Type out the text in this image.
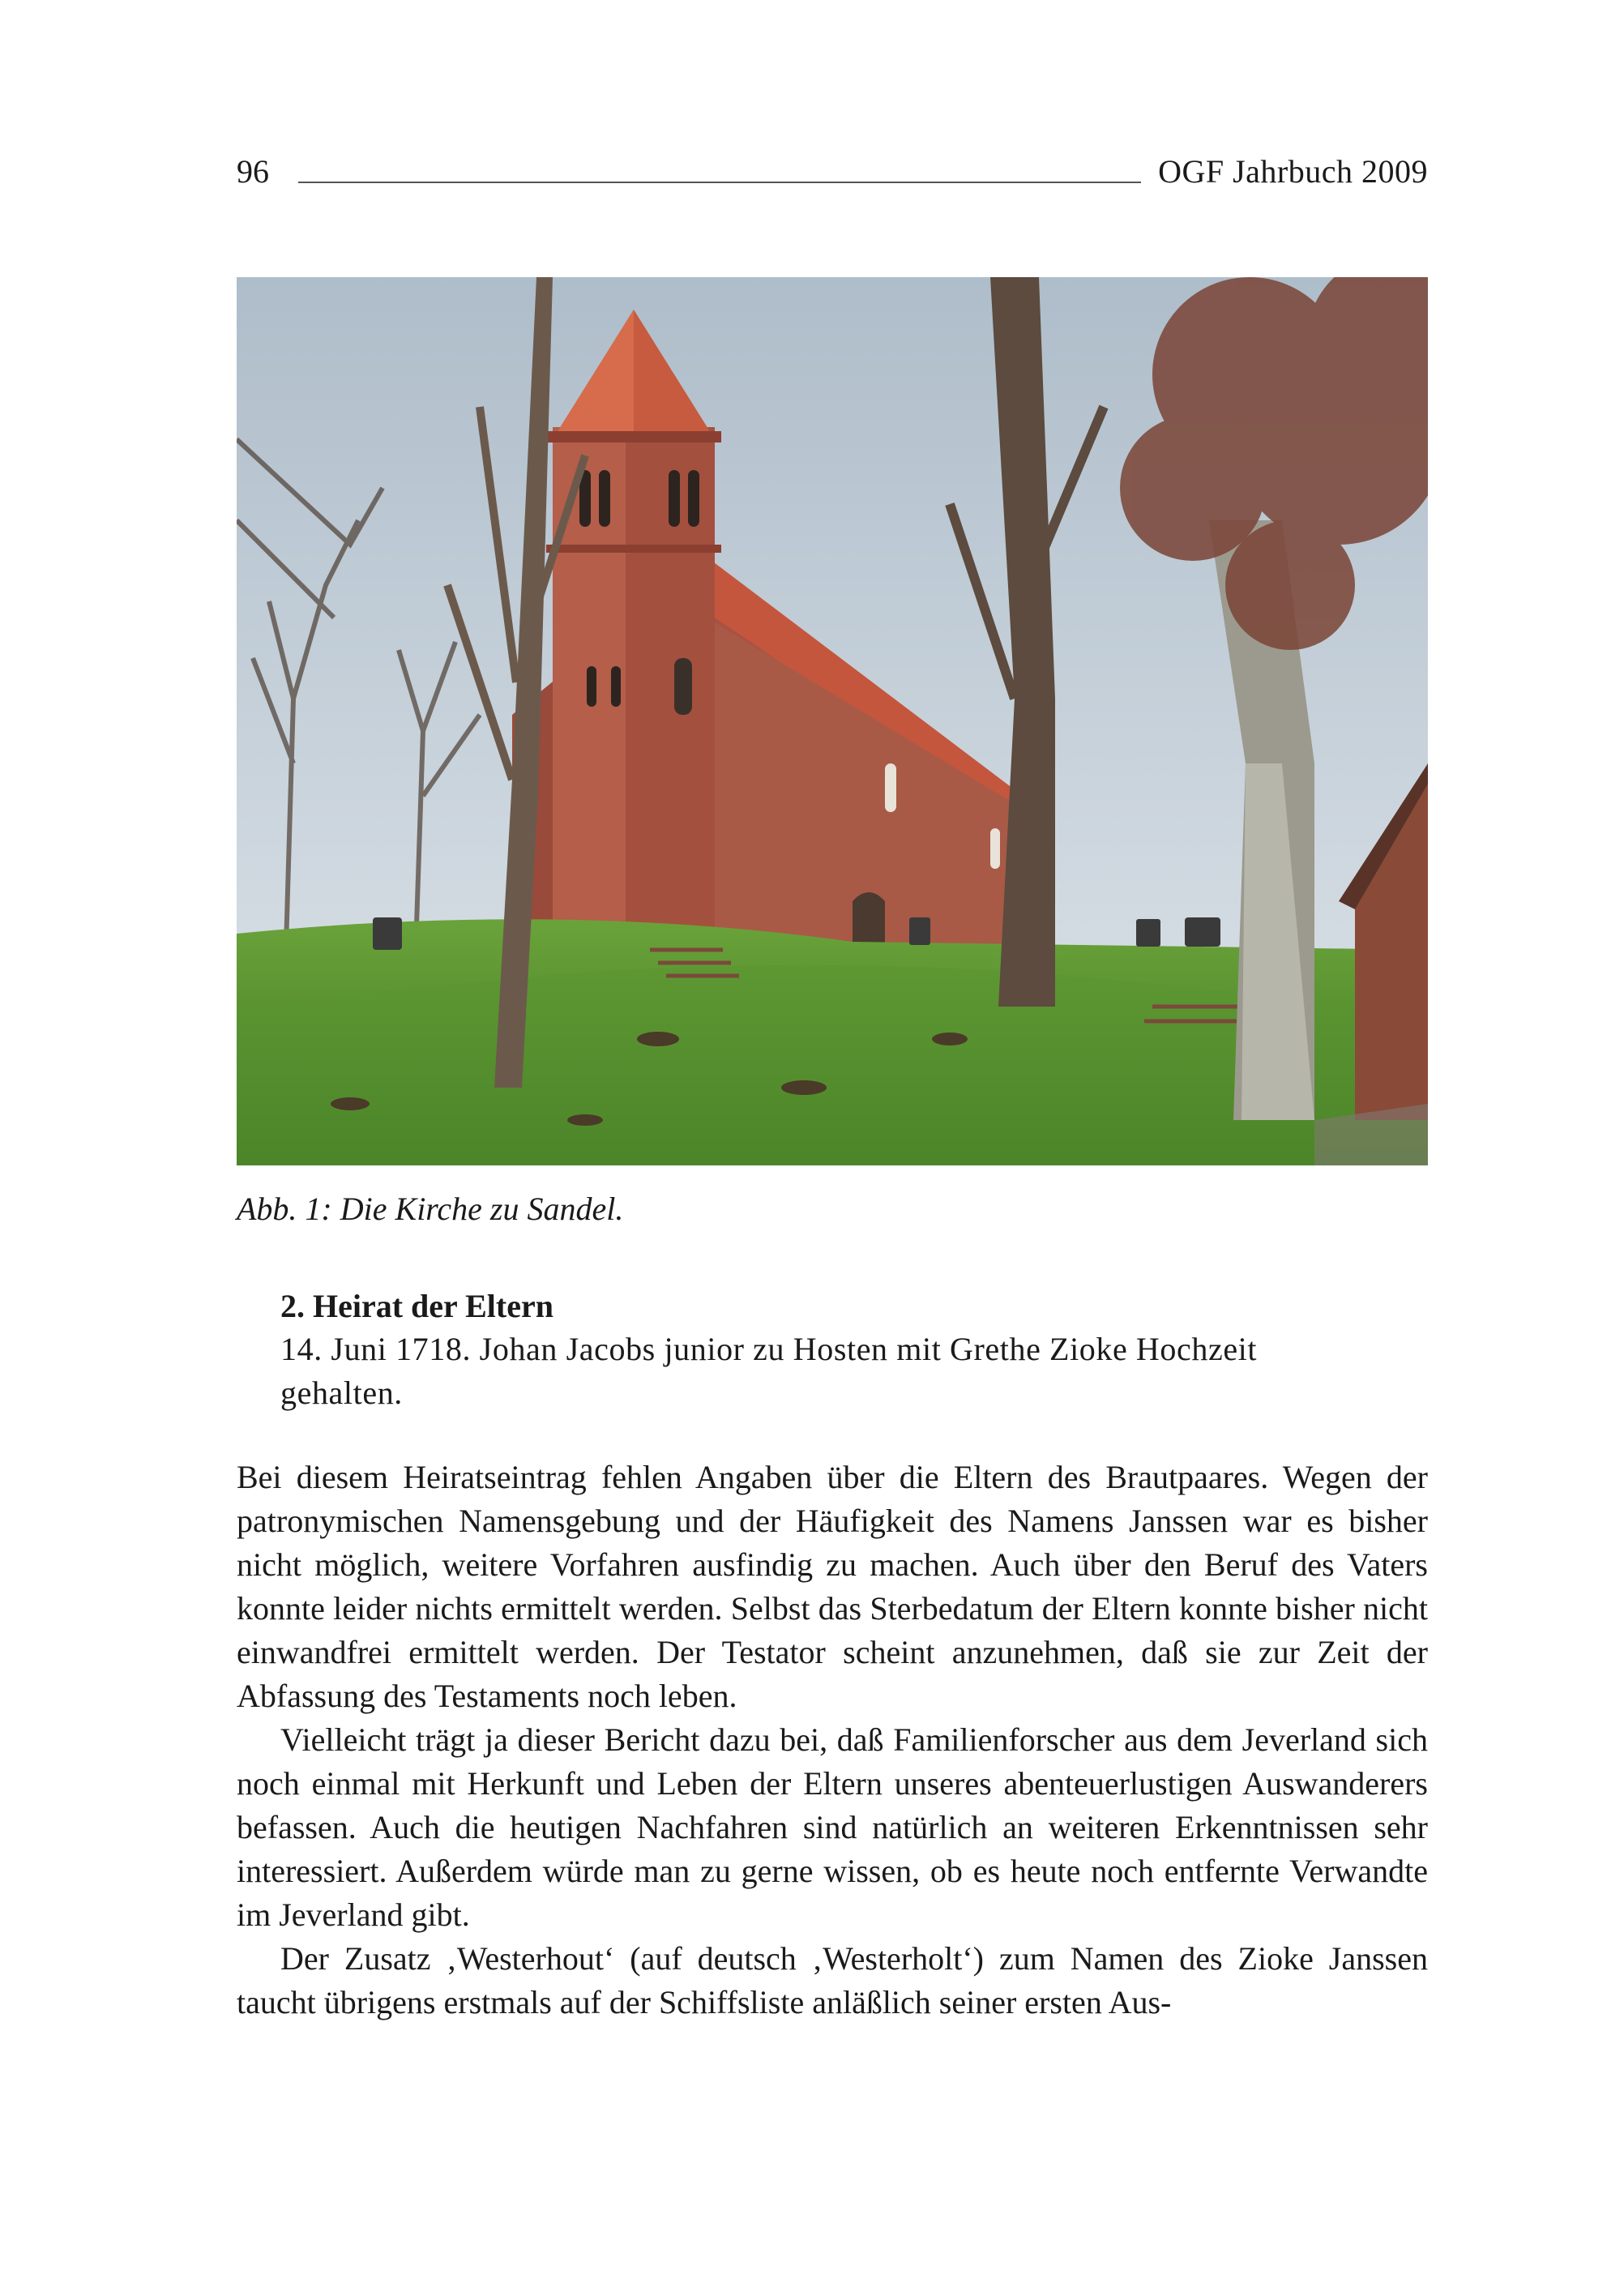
96	OGF Jahrbuch 2009
Abb. 1: Die Kirche zu Sandel.
2. Heirat der Eltern
14. Juni 1718. Johan Jacobs junior zu Hosten mit Grethe Zioke Hochzeit gehalten.

Bei diesem Heiratseintrag fehlen Angaben über die Eltern des Brautpaares. Wegen der patronymischen Namensgebung und der Häufigkeit des Namens Janssen war es bisher nicht möglich, weitere Vorfahren ausfindig zu machen. Auch über den Beruf des Vaters konnte leider nichts ermittelt werden. Selbst das Sterbedatum der Eltern konnte bisher nicht einwandfrei ermittelt werden. Der Testator scheint anzunehmen, daß sie zur Zeit der Abfassung des Testaments noch leben.

Vielleicht trägt ja dieser Bericht dazu bei, daß Familienforscher aus dem Jeverland sich noch einmal mit Herkunft und Leben der Eltern unseres abenteuerlustigen Auswanderers befassen. Auch die heutigen Nachfahren sind natürlich an weiteren Erkenntnissen sehr interessiert. Außerdem würde man zu gerne wissen, ob es heute noch entfernte Verwandte im Jeverland gibt.

Der Zusatz ‚Westerhout‘ (auf deutsch ‚Westerholt‘) zum Namen des Zioke Janssen taucht übrigens erstmals auf der Schiffsliste anläßlich seiner ersten Aus-
